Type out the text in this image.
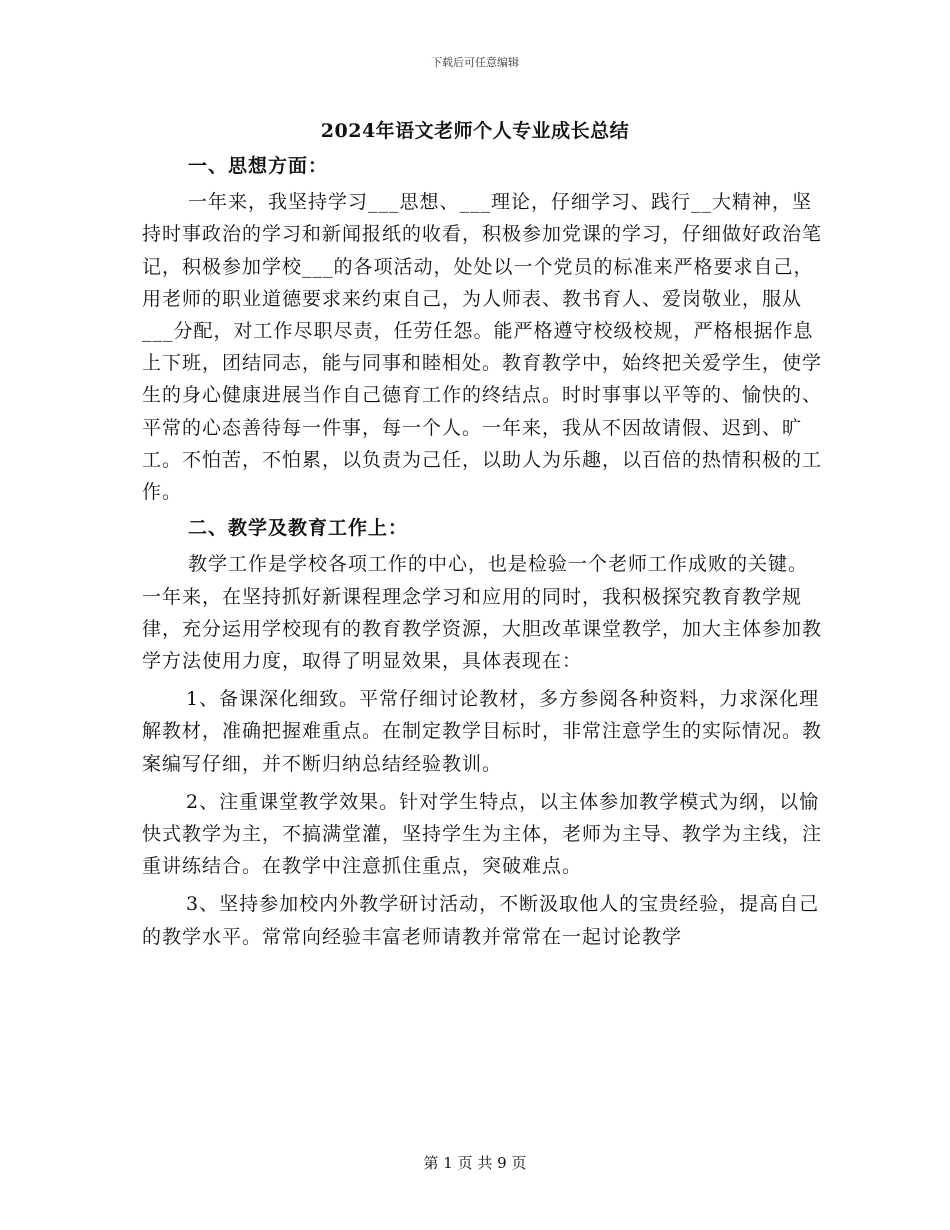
下载后可任意编辑
2024年语文老师个人专业成长总结

一、思想方面：

一年来，我坚持学习___思想、___理论，仔细学习、践行__大精神，坚持时事政治的学习和新闻报纸的收看，积极参加党课的学习，仔细做好政治笔记，积极参加学校___的各项活动，处处以一个党员的标准来严格要求自己，用老师的职业道德要求来约束自己，为人师表、教书育人、爱岗敬业，服从___分配，对工作尽职尽责，任劳任怨。能严格遵守校级校规，严格根据作息上下班，团结同志，能与同事和睦相处。教育教学中，始终把关爱学生，使学生的身心健康进展当作自己德育工作的终结点。时时事事以平等的、愉快的、平常的心态善待每一件事，每一个人。一年来，我从不因故请假、迟到、旷工。不怕苦，不怕累，以负责为己任，以助人为乐趣，以百倍的热情积极的工作。

二、教学及教育工作上：

教学工作是学校各项工作的中心，也是检验一个老师工作成败的关键。一年来，在坚持抓好新课程理念学习和应用的同时，我积极探究教育教学规律，充分运用学校现有的教育教学资源，大胆改革课堂教学，加大主体参加教学方法使用力度，取得了明显效果，具体表现在：

1、备课深化细致。平常仔细讨论教材，多方参阅各种资料，力求深化理解教材，准确把握难重点。在制定教学目标时，非常注意学生的实际情况。教案编写仔细，并不断归纳总结经验教训。

2、注重课堂教学效果。针对学生特点，以主体参加教学模式为纲，以愉快式教学为主，不搞满堂灌，坚持学生为主体，老师为主导、教学为主线，注重讲练结合。在教学中注意抓住重点，突破难点。

3、坚持参加校内外教学研讨活动，不断汲取他人的宝贵经验，提高自己的教学水平。常常向经验丰富老师请教并常常在一起讨论教学

第 1 页 共 9 页
